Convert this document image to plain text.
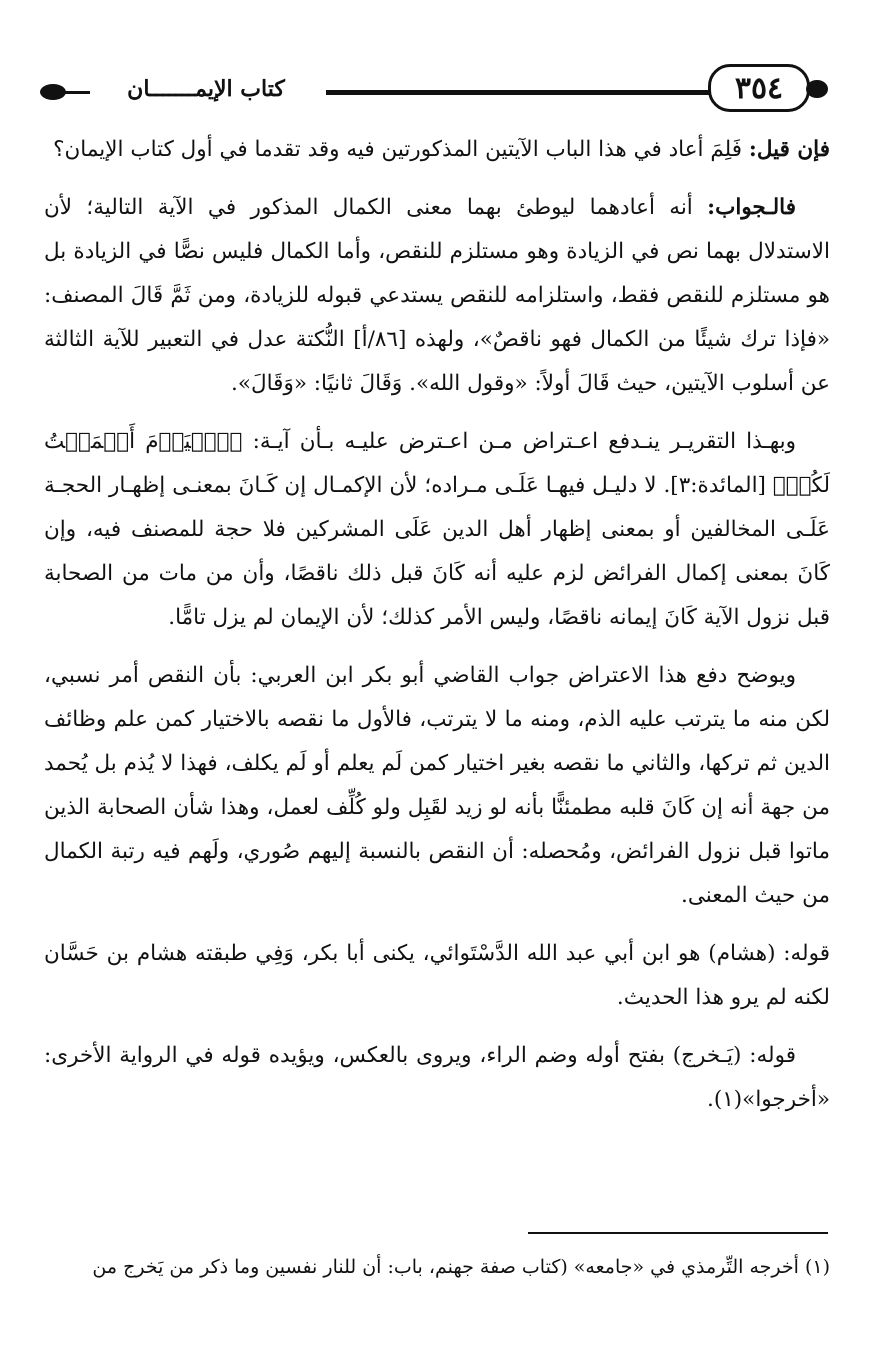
٣٥٤
كتاب الإيمـــــــان

فإن قيل: فَلِمَ أعاد في هذا الباب الآيتين المذكورتين فيه وقد تقدما في أول كتاب الإيمان؟

فالـجواب: أنه أعادهما ليوطئ بهما معنى الكمال المذكور في الآية التالية؛ لأن الاستدلال بهما نص في الزيادة وهو مستلزم للنقص، وأما الكمال فليس نصًّا في الزيادة بل هو مستلزم للنقص فقط، واستلزامه للنقص يستدعي قبوله للزيادة، ومن ثَمَّ قَالَ المصنف: «فإذا ترك شيئًا من الكمال فهو ناقصٌ»، ولهذه [٨٦/أ] النُّكتة عدل في التعبير للآية الثالثة عن أسلوب الآيتين، حيث قَالَ أولاً: «وقول الله». وَقَالَ ثانيًا: «وَقَالَ».

وبهـذا التقريـر ينـدفع اعـتراض مـن اعـترض عليـه بـأن آيـة: ﴿ٱلۡيَوۡمَ أَكۡمَلۡتُ لَكُمۡ﴾ [المائدة:٣]. لا دليـل فيهـا عَلَـى مـراده؛ لأن الإكمـال إن كَـانَ بمعنـى إظهـار الحجـة عَلَـى المخالفين أو بمعنى إظهار أهل الدين عَلَى المشركين فلا حجة للمصنف فيه، وإن كَانَ بمعنى إكمال الفرائض لزم عليه أنه كَانَ قبل ذلك ناقصًا، وأن من مات من الصحابة قبل نزول الآية كَانَ إيمانه ناقصًا، وليس الأمر كذلك؛ لأن الإيمان لم يزل تامًّا.

ويوضح دفع هذا الاعتراض جواب القاضي أبو بكر ابن العربي: بأن النقص أمر نسبي، لكن منه ما يترتب عليه الذم، ومنه ما لا يترتب، فالأول ما نقصه بالاختيار كمن علم وظائف الدين ثم تركها، والثاني ما نقصه بغير اختيار كمن لَم يعلم أو لَم يكلف، فهذا لا يُذم بل يُحمد من جهة أنه إن كَانَ قلبه مطمئنًّا بأنه لو زيد لقَبِل ولو كُلِّف لعمل، وهذا شأن الصحابة الذين ماتوا قبل نزول الفرائض، ومُحصله: أن النقص بالنسبة إليهم صُوري، ولَهم فيه رتبة الكمال من حيث المعنى.

قوله: (هشام) هو ابن أبي عبد الله الدَّسْتَوائي، يكنى أبا بكر، وَفِي طبقته هشام بن حَسَّان لكنه لم يرو هذا الحديث.

قوله: (يَـخرج) بفتح أوله وضم الراء، ويروى بالعكس، ويؤيده قوله في الرواية الأخرى: «أخرجوا»(١).

(١) أخرجه التِّرمذي في «جامعه» (كتاب صفة جهنم، باب: أن للنار نفسين وما ذكر من يَخرج من
